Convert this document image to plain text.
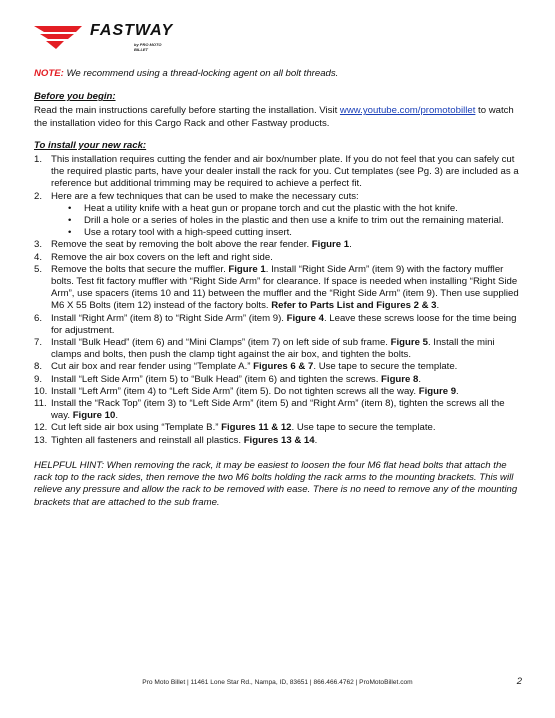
FASTWAY
by PRO MOTO BILLET

NOTE: We recommend using a thread-locking agent on all bolt threads.

Before you begin:

Read the main instructions carefully before starting the installation. Visit www.youtube.com/promotobillet to watch the installation video for this Cargo Rack and other Fastway products.

To install your new rack:

1. This installation requires cutting the fender and air box/number plate. If you do not feel that you can safely cut the required plastic parts, have your dealer install the rack for you. Cut templates (see Pg. 3) are included as a reference but additional trimming may be required to achieve a perfect fit.
2. Here are a few techniques that can be used to make the necessary cuts:
• Heat a utility knife with a heat gun or propane torch and cut the plastic with the hot knife.
• Drill a hole or a series of holes in the plastic and then use a knife to trim out the remaining material.
• Use a rotary tool with a high-speed cutting insert.
3. Remove the seat by removing the bolt above the rear fender. Figure 1.
4. Remove the air box covers on the left and right side.
5. Remove the bolts that secure the muffler. Figure 1. Install “Right Side Arm” (item 9) with the factory muffler bolts. Test fit factory muffler with “Right Side Arm” for clearance. If space is needed when installing “Right Side Arm”, use spacers (items 10 and 11) between the muffler and the “Right Side Arm” (item 9). Then use supplied M6 X 55 Bolts (item 12) instead of the factory bolts. Refer to Parts List and Figures 2 & 3.
6. Install “Right Arm” (item 8) to “Right Side Arm” (item 9). Figure 4. Leave these screws loose for the time being for adjustment.
7. Install “Bulk Head” (item 6) and “Mini Clamps” (item 7) on left side of sub frame. Figure 5. Install the mini clamps and bolts, then push the clamp tight against the air box, and tighten the bolts.
8. Cut air box and rear fender using “Template A.” Figures 6 & 7. Use tape to secure the template.
9. Install “Left Side Arm” (item 5) to “Bulk Head” (item 6) and tighten the screws. Figure 8.
10. Install “Left Arm” (item 4) to “Left Side Arm” (item 5). Do not tighten screws all the way. Figure 9.
11. Install the “Rack Top” (item 3) to “Left Side Arm” (item 5) and “Right Arm” (item 8), tighten the screws all the way. Figure 10.
12. Cut left side air box using “Template B.” Figures 11 & 12. Use tape to secure the template.
13. Tighten all fasteners and reinstall all plastics. Figures 13 & 14.

HELPFUL HINT: When removing the rack, it may be easiest to loosen the four M6 flat head bolts that attach the rack top to the rack sides, then remove the two M6 bolts holding the rack arms to the mounting brackets. This will relieve any pressure and allow the rack to be removed with ease. There is no need to remove any of the mounting brackets that are attached to the sub frame.

Pro Moto Billet | 11461 Lone Star Rd., Nampa, ID, 83651 | 866.466.4762 | ProMotoBillet.com	2
